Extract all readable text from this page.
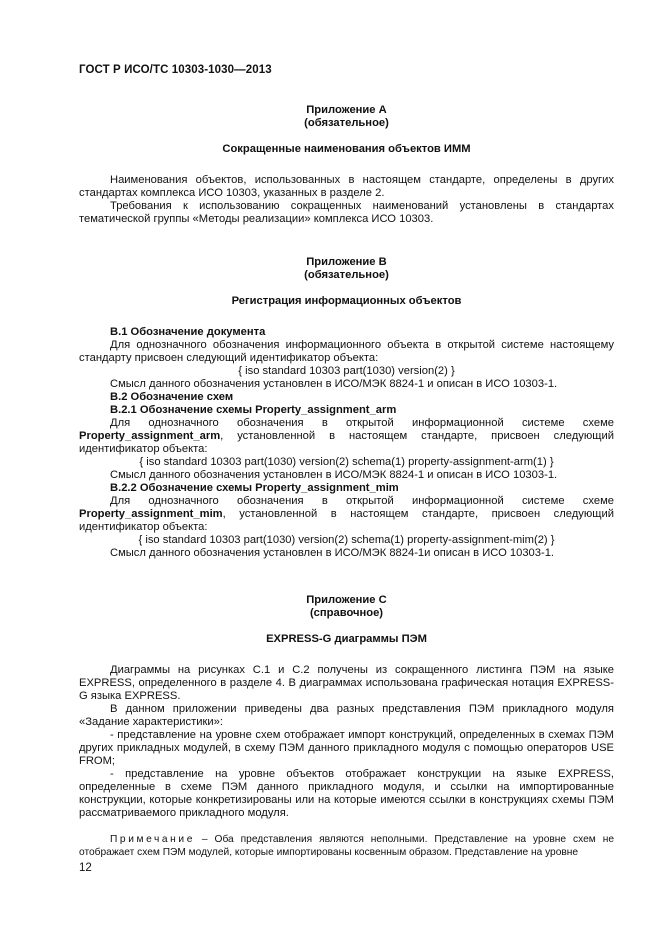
ГОСТ Р ИСО/ТС 10303-1030—2013

Приложение А

(обязательное)

Сокращенные наименования объектов ИММ

Наименования объектов, использованных в настоящем стандарте, определены в других стандартах комплекса ИСО 10303, указанных в разделе 2.

Требования к использованию сокращенных наименований установлены в стандартах тематической группы «Методы реализации» комплекса ИСО 10303.

Приложение В

(обязательное)

Регистрация информационных объектов

В.1 Обозначение документа

Для однозначного обозначения информационного объекта в открытой системе настоящему стандарту присвоен следующий идентификатор объекта:

{ iso standard 10303 part(1030) version(2) }

Смысл данного обозначения установлен в ИСО/МЭК 8824-1 и описан в ИСО 10303-1.

В.2 Обозначение схем

В.2.1 Обозначение схемы Property_assignment_arm

Для однозначного обозначения в открытой информационной системе схеме Property_assignment_arm, установленной в настоящем стандарте, присвоен следующий идентификатор объекта:

{ iso standard 10303 part(1030) version(2) schema(1) property-assignment-arm(1) }

Смысл данного обозначения установлен в ИСО/МЭК 8824-1 и описан в ИСО 10303-1.

В.2.2 Обозначение схемы Property_assignment_mim

Для однозначного обозначения в открытой информационной системе схеме Property_assignment_mim, установленной в настоящем стандарте, присвоен следующий идентификатор объекта:

{ iso standard 10303 part(1030) version(2) schema(1) property-assignment-mim(2) }

Смысл данного обозначения установлен в ИСО/МЭК 8824-1и описан в ИСО 10303-1.

Приложение С

(справочное)

EXPRESS-G диаграммы ПЭМ

Диаграммы на рисунках С.1 и С.2 получены из сокращенного листинга ПЭМ на языке EXPRESS, определенного в разделе 4. В диаграммах использована графическая нотация EXPRESS-G языка EXPRESS.

В данном приложении приведены два разных представления ПЭМ прикладного модуля «Задание характеристики»:

- представление на уровне схем отображает импорт конструкций, определенных в схемах ПЭМ других прикладных модулей, в схему ПЭМ данного прикладного модуля с помощью операторов USE FROM;

- представление на уровне объектов отображает конструкции на языке EXPRESS, определенные в схеме ПЭМ данного прикладного модуля, и ссылки на импортированные конструкции, которые конкретизированы или на которые имеются ссылки в конструкциях схемы ПЭМ рассматриваемого прикладного модуля.

Примечание – Оба представления являются неполными. Представление на уровне схем не отображает схем ПЭМ модулей, которые импортированы косвенным образом. Представление на уровне

12
